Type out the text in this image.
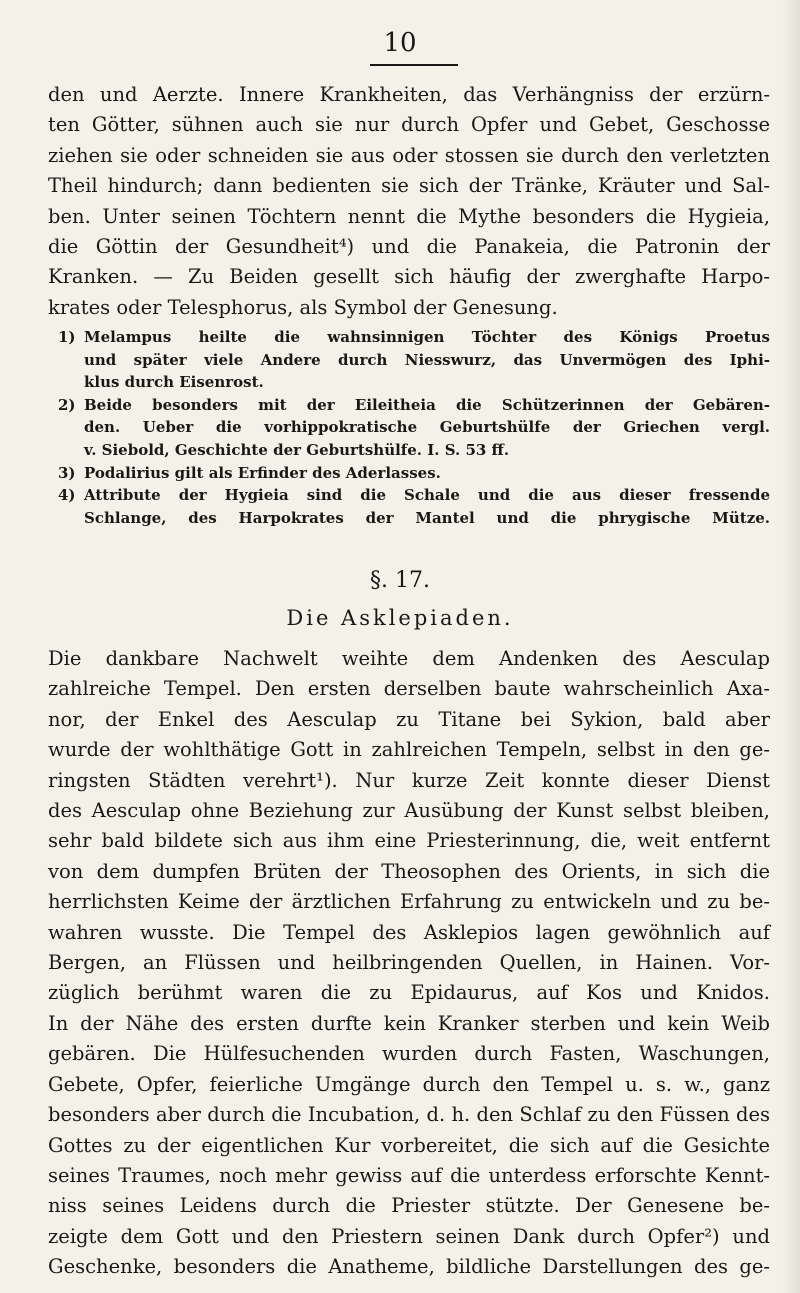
10
den und Aerzte. Innere Krankheiten, das Verhängniss der erzürn-
ten Götter, sühnen auch sie nur durch Opfer und Gebet, Geschosse
ziehen sie oder schneiden sie aus oder stossen sie durch den verletzten
Theil hindurch; dann bedienten sie sich der Tränke, Kräuter und Sal-
ben. Unter seinen Töchtern nennt die Mythe besonders die Hygieia,
die Göttin der Gesundheit⁴) und die Panakeia, die Patronin der
Kranken. — Zu Beiden gesellt sich häufig der zwerghafte Harpo-
krates oder Telesphorus, als Symbol der Genesung.
1) Melampus heilte die wahnsinnigen Töchter des Königs Proetus
und später viele Andere durch Niesswurz, das Unvermögen des Iphi-
klus durch Eisenrost.
2) Beide besonders mit der Eileitheia die Schützerinnen der Gebären-
den. Ueber die vorhippokratische Geburtshülfe der Griechen vergl.
v. Siebold, Geschichte der Geburtshülfe. I. S. 53 ff.
3) Podalirius gilt als Erfinder des Aderlasses.
4) Attribute der Hygieia sind die Schale und die aus dieser fressende
Schlange, des Harpokrates der Mantel und die phrygische Mütze.
§. 17.
Die Asklepiaden.
Die dankbare Nachwelt weihte dem Andenken des Aesculap
zahlreiche Tempel. Den ersten derselben baute wahrscheinlich Axa-
nor, der Enkel des Aesculap zu Titane bei Sykion, bald aber
wurde der wohlthätige Gott in zahlreichen Tempeln, selbst in den ge-
ringsten Städten verehrt¹). Nur kurze Zeit konnte dieser Dienst
des Aesculap ohne Beziehung zur Ausübung der Kunst selbst bleiben,
sehr bald bildete sich aus ihm eine Priesterinnung, die, weit entfernt
von dem dumpfen Brüten der Theosophen des Orients, in sich die
herrlichsten Keime der ärztlichen Erfahrung zu entwickeln und zu be-
wahren wusste. Die Tempel des Asklepios lagen gewöhnlich auf
Bergen, an Flüssen und heilbringenden Quellen, in Hainen. Vor-
züglich berühmt waren die zu Epidaurus, auf Kos und Knidos.
In der Nähe des ersten durfte kein Kranker sterben und kein Weib
gebären. Die Hülfesuchenden wurden durch Fasten, Waschungen,
Gebete, Opfer, feierliche Umgänge durch den Tempel u. s. w., ganz
besonders aber durch die Incubation, d. h. den Schlaf zu den Füssen des
Gottes zu der eigentlichen Kur vorbereitet, die sich auf die Gesichte
seines Traumes, noch mehr gewiss auf die unterdess erforschte Kennt-
niss seines Leidens durch die Priester stützte. Der Genesene be-
zeigte dem Gott und den Priestern seinen Dank durch Opfer²) und
Geschenke, besonders die Anatheme, bildliche Darstellungen des ge-
